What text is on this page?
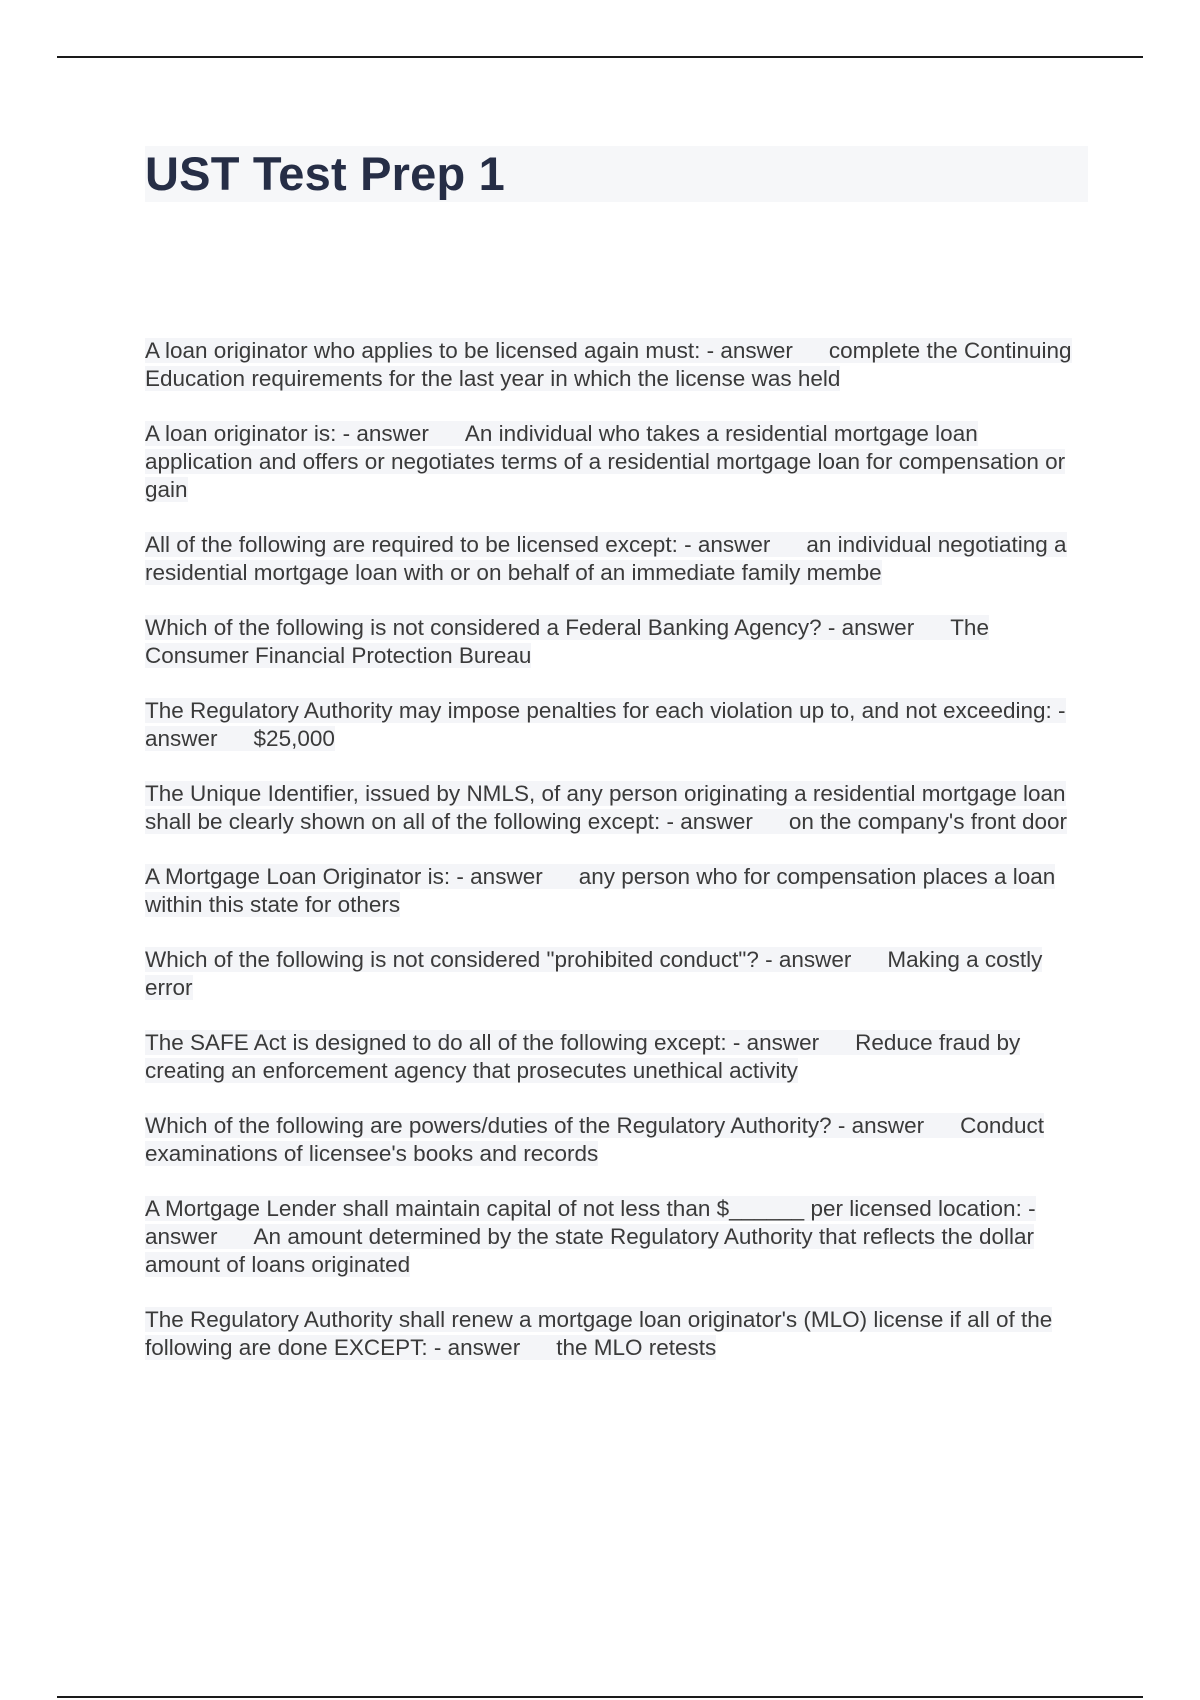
UST Test Prep 1

A loan originator who applies to be licensed again must: - answer complete the Continuing Education requirements for the last year in which the license was held

A loan originator is: - answer An individual who takes a residential mortgage loan application and offers or negotiates terms of a residential mortgage loan for compensation or gain

All of the following are required to be licensed except: - answer an individual negotiating a residential mortgage loan with or on behalf of an immediate family membe

Which of the following is not considered a Federal Banking Agency? - answer The Consumer Financial Protection Bureau

The Regulatory Authority may impose penalties for each violation up to, and not exceeding: - answer $25,000

The Unique Identifier, issued by NMLS, of any person originating a residential mortgage loan shall be clearly shown on all of the following except: - answer on the company's front door

A Mortgage Loan Originator is: - answer any person who for compensation places a loan within this state for others

Which of the following is not considered "prohibited conduct"? - answer Making a costly error

The SAFE Act is designed to do all of the following except: - answer Reduce fraud by creating an enforcement agency that prosecutes unethical activity

Which of the following are powers/duties of the Regulatory Authority? - answer Conduct examinations of licensee's books and records

A Mortgage Lender shall maintain capital of not less than $______ per licensed location: - answer An amount determined by the state Regulatory Authority that reflects the dollar amount of loans originated

The Regulatory Authority shall renew a mortgage loan originator's (MLO) license if all of the following are done EXCEPT: - answer the MLO retests
